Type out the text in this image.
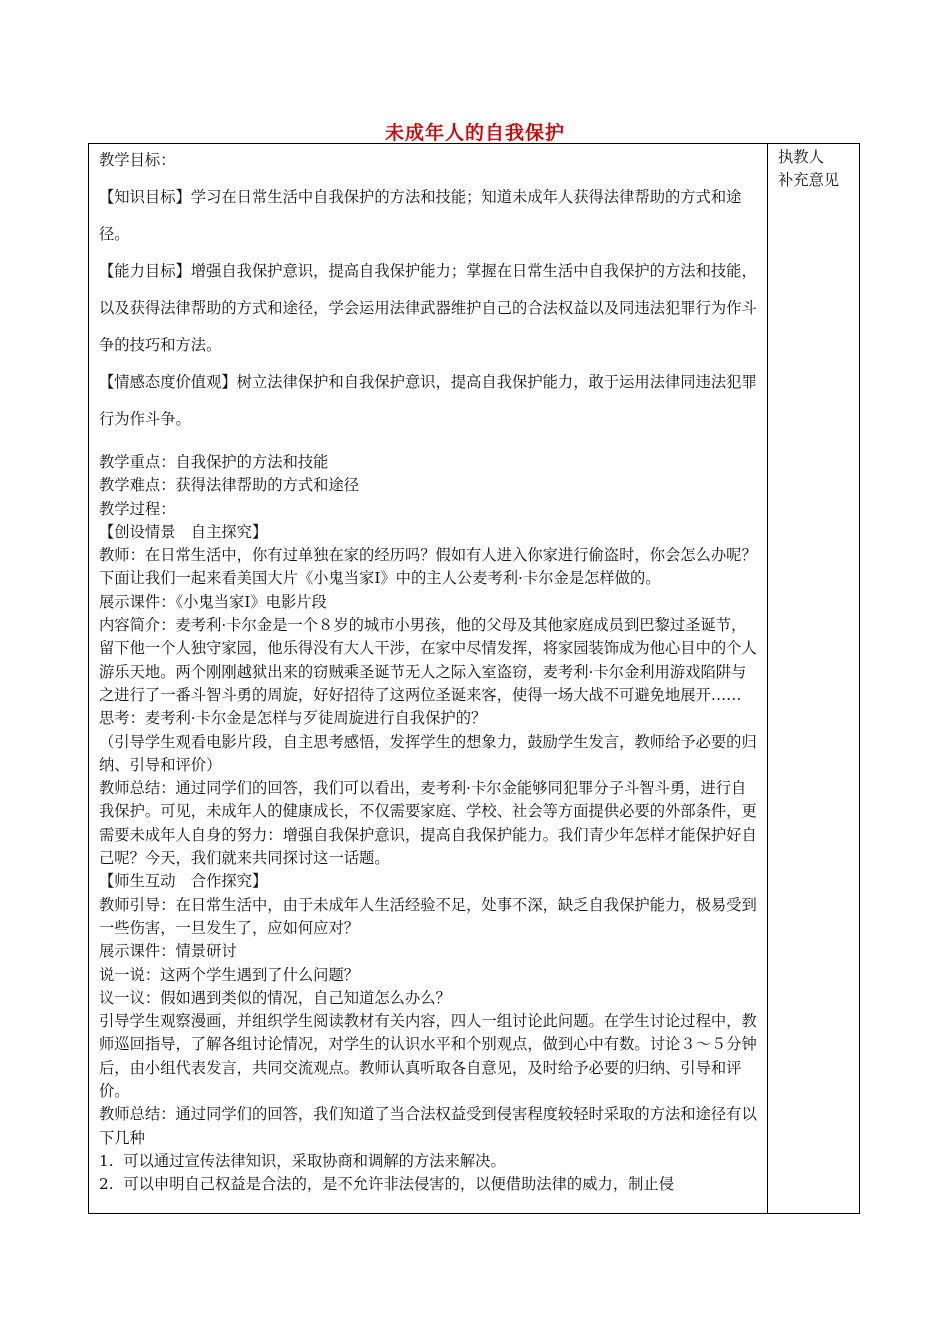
未成年人的自我保护

教学目标：

【知识目标】学习在日常生活中自我保护的方法和技能；知道未成年人获得法律帮助的方式和途径。

【能力目标】增强自我保护意识，提高自我保护能力；掌握在日常生活中自我保护的方法和技能，以及获得法律帮助的方式和途径，学会运用法律武器维护自己的合法权益以及同违法犯罪行为作斗争的技巧和方法。

【情感态度价值观】树立法律保护和自我保护意识，提高自我保护能力，敢于运用法律同违法犯罪行为作斗争。

教学重点：自我保护的方法和技能

教学难点：获得法律帮助的方式和途径

教学过程：

【创设情景　自主探究】

教师：在日常生活中，你有过单独在家的经历吗？假如有人进入你家进行偷盗时，你会怎么办呢？下面让我们一起来看美国大片《小鬼当家Ⅰ》中的主人公麦考利·卡尔金是怎样做的。

展示课件：《小鬼当家Ⅰ》电影片段

内容简介：麦考利·卡尔金是一个８岁的城市小男孩，他的父母及其他家庭成员到巴黎过圣诞节，留下他一个人独守家园，他乐得没有大人干涉，在家中尽情发挥，将家园装饰成为他心目中的个人游乐天地。两个刚刚越狱出来的窃贼乘圣诞节无人之际入室盗窃，麦考利·卡尔金利用游戏陷阱与之进行了一番斗智斗勇的周旋，好好招待了这两位圣诞来客，使得一场大战不可避免地展开……

思考：麦考利·卡尔金是怎样与歹徒周旋进行自我保护的？

（引导学生观看电影片段，自主思考感悟，发挥学生的想象力，鼓励学生发言，教师给予必要的归纳、引导和评价）

教师总结：通过同学们的回答，我们可以看出，麦考利·卡尔金能够同犯罪分子斗智斗勇，进行自我保护。可见，未成年人的健康成长，不仅需要家庭、学校、社会等方面提供必要的外部条件，更需要未成年人自身的努力：增强自我保护意识，提高自我保护能力。我们青少年怎样才能保护好自己呢？今天，我们就来共同探讨这一话题。

【师生互动　合作探究】

教师引导：在日常生活中，由于未成年人生活经验不足，处事不深，缺乏自我保护能力，极易受到一些伤害，一旦发生了，应如何应对？

展示课件：情景研讨

说一说：这两个学生遇到了什么问题？

议一议：假如遇到类似的情况，自己知道怎么办么？

引导学生观察漫画，并组织学生阅读教材有关内容，四人一组讨论此问题。在学生讨论过程中，教师巡回指导，了解各组讨论情况，对学生的认识水平和个别观点，做到心中有数。讨论３～５分钟后，由小组代表发言，共同交流观点。教师认真听取各自意见，及时给予必要的归纳、引导和评价。

教师总结：通过同学们的回答，我们知道了当合法权益受到侵害程度较轻时采取的方法和途径有以下几种

1.  可以通过宣传法律知识，采取协商和调解的方法来解决。

2.  可以申明自己权益是合法的，是不允许非法侵害的，以便借助法律的威力，制止侵

执教人
补充意见
